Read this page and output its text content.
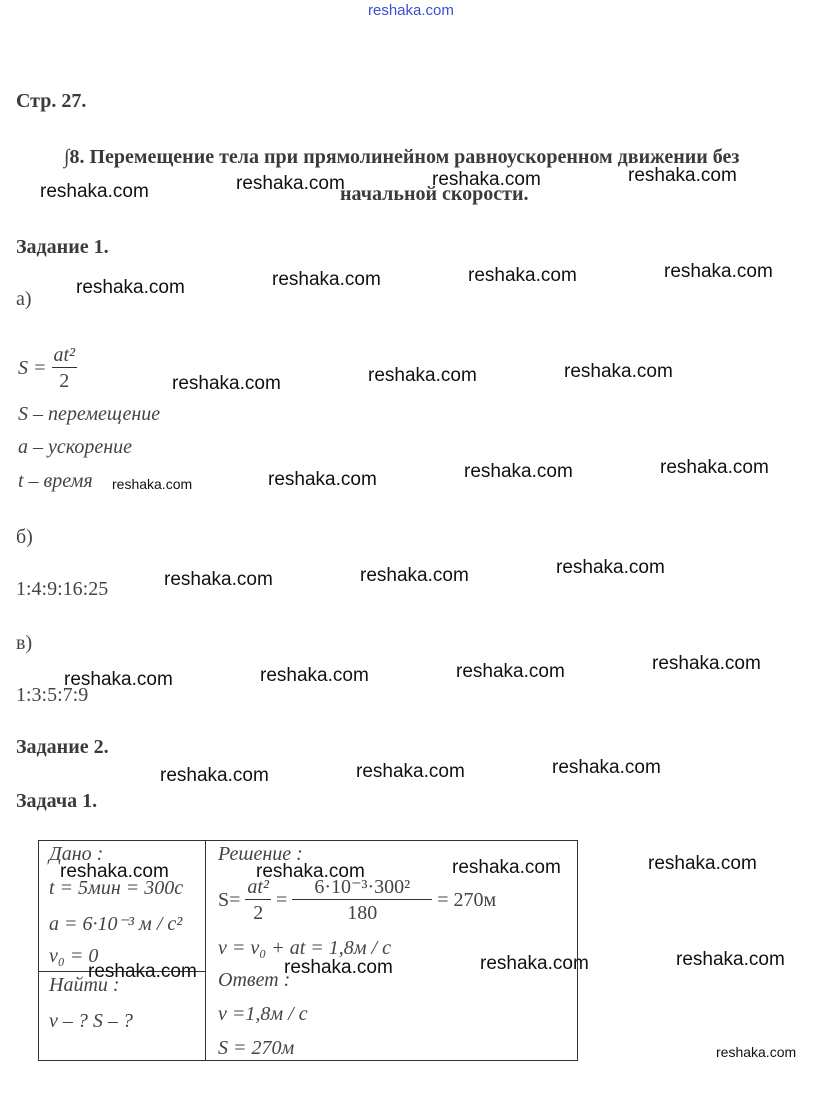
reshaka.com
Стр. 27.
∫8. Перемещение тела при прямолинейном равноускоренном движении без
начальной скорости.
Задание 1.
а)
$S = \frac{\text{at²}}{2}$
S – перемещение
a – ускорение
t – время
б)
1:4:9:16:25
в)
1:3:5:7:9
Задание 2.
Задача 1.
Дано :
t = 5мин = 300с
a = 6·10⁻³ м / с²
v₀ = 0

Решение :
$S= \frac{\text{at²}}{2} = \frac{\text{6·10⁻³·300²}}{180} = 270м$
v = v₀ + at = 1,8м / с
Ответ :
v =1,8м / с
S = 270м

Найти :
v – ? S – ?
reshaka.com	reshaka.com	reshaka.com	reshaka.com
reshaka.com	reshaka.com	reshaka.com	reshaka.com
reshaka.com	reshaka.com	reshaka.com
reshaka.com	reshaka.com	reshaka.com	reshaka.com
reshaka.com	reshaka.com	reshaka.com
reshaka.com	reshaka.com	reshaka.com	reshaka.com
reshaka.com	reshaka.com	reshaka.com
reshaka.com	reshaka.com	reshaka.com	reshaka.com
reshaka.com	reshaka.com	reshaka.com	reshaka.com
reshaka.com
